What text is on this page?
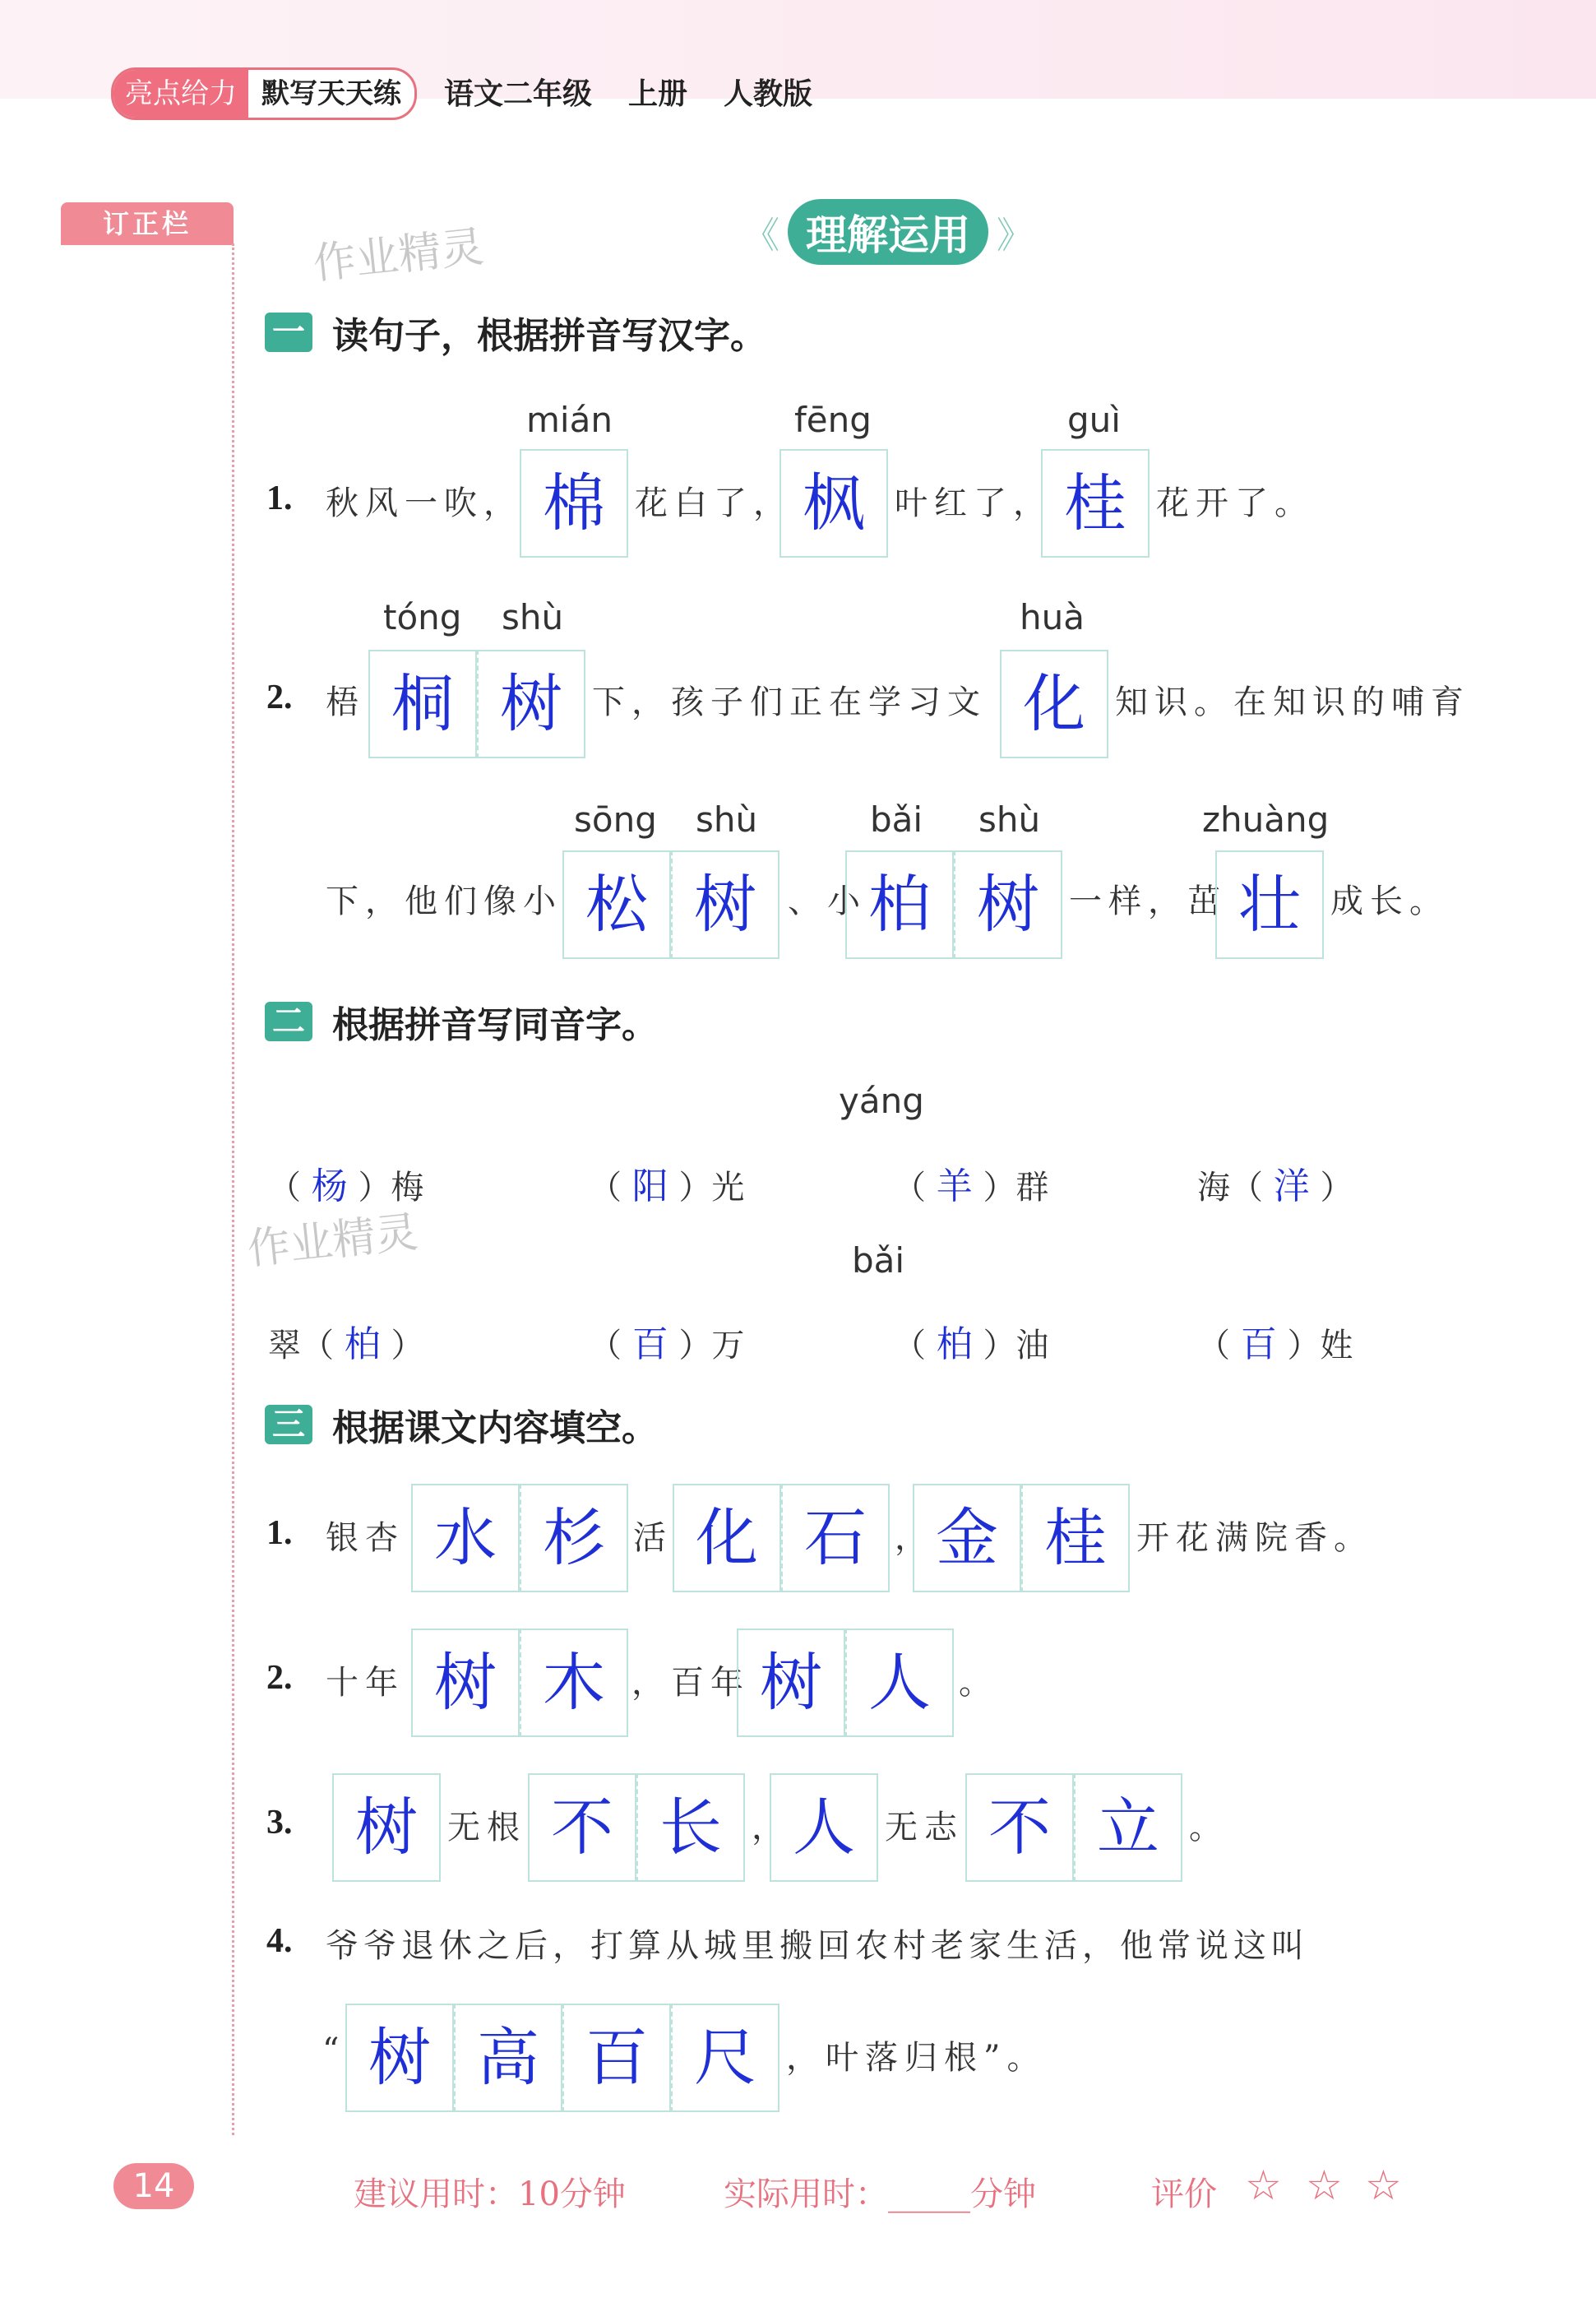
亮点给力 默写天天练	语文二年级 上册 人教版
订正栏	《 理解运用 》
作业精灵
作业精灵
一 读句子，根据拼音写汉字。
mián	fēng	guì
1. 秋风一吹， 棉 花白了， 枫 叶红了， 桂 花开了。
tóng shù	huà
2. 梧 桐 树 下，孩子们正在学习文 化 知识。在知识的哺育
sōng shù	bǎi shù	zhuàng
下，他们像小 松 树 、小 柏 树 一样，茁 壮 成长。
二 根据拼音写同音字。
yáng
（ 杨 ）梅	（ 阳 ）光	（ 羊 ）群	海（ 洋 ）
bǎi
翠（ 柏 ）	（ 百 ）万	（ 柏 ）油	（ 百 ）姓
三 根据课文内容填空。
1. 银杏 水 杉 活 化 石 ， 金 桂 开花满院香。
2. 十年 树 木 ，百年 树 人 。
3.	树 无根 不 长 ， 人 无志 不 立 。
4. 爷爷退休之后，打算从城里搬回农村老家生活，他常说这叫
“ 树 高 百 尺 ，叶落归根”。
14	建议用时：10分钟	实际用时：_____分钟	评价 ☆ ☆ ☆
